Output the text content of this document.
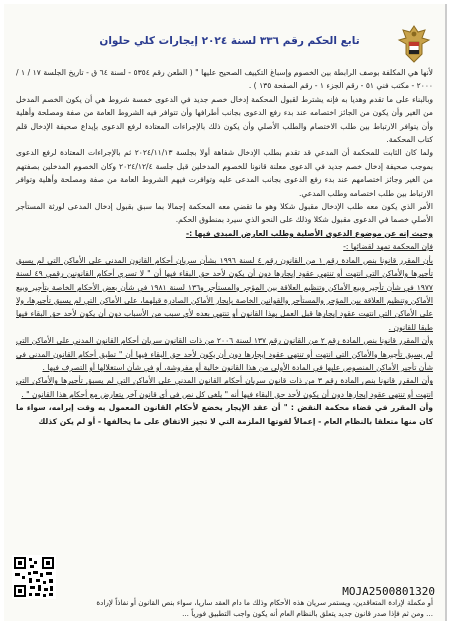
تابع الحكم رقم ٣٣٦ لسنة ٢٠٢٤ إيجارات كلي حلوان

لأنها هي المكلفة بوصف الرابطة بين الخصوم وإسباغ التكييف الصحيح عليها " ( الطعن رقم ٥٣٥٤ - لسنة ٦٤ ق - تاريخ الجلسة ١٧ / ١ / ٢٠٠٠ - مكتب فني ٥١ - رقم الجزء ١ - رقم الصفحة ١٣٥ ) .

وبالبناء على ما تقدم وهديا به فإنه يشترط لقبول المحكمة إدخال خصم جديد في الدعوى خمسة شروط هي أن يكون الخصم المدخل من الغير وأن يكون من الجائز اختصامه عند بدء رفع الدعوى بجانب أطرافها وأن تتوافر فيه الشروط العامة من صفة ومصلحة وأهلية وأن يتوافر الارتباط بين طلب الاختصام والطلب الأصلي وأن يكون ذلك بالإجراءات المعتادة لرفع الدعوى بإيداع صحيفة الإدخال قلم كتاب المحكمة.

ولما كان الثابت للمحكمة أن المدعي قد تقدم بطلب الإدخال شفاهة أولا بجلسة ٢٠٢٤/١١/١٣ ثم بالإجراءات المعتادة لرفع الدعوى بموجب صحيفة إدخال خصم جديد في الدعوى معلنة قانونا للخصوم المدخلين قبل جلسة ٢٠٢٤/١٢/٤ وكان الخصوم المدخلين بصفتهم من الغير وجائز اختصامهم عند بدء رفع الدعوى بجانب المدعى عليه وتوافرت فيهم الشروط العامة من صفة ومصلحة وأهلية وتوافر الارتباط بين طلب اختصامه وطلب المدعي.

الأمر الذي يكون معه طلب الإدخال مقبول شكلا وهو ما تقضي معه المحكمة إجمالا بما سبق بقبول إدخال المدعى لورثة المستأجر الأصلي خصما في الدعوى مقبول شكلا وذلك على النحو الذي سيرد بمنطوق الحكم.

وحيث إنه عن موضوع الدعوى الأصلية وطلب العارض المبدى فيها :-

فإن المحكمة تمهد لقضائها :-

بأن المقرر قانونا بنص المادة رقم ١ من القانون رقم ٤ لسنة ١٩٩٦ بشأن سريان أحكام القانون المدني على الأماكن التي لم يسبق تأجيرها والأماكن التي انتهت أو تنتهي عقود إيجارها دون أن يكون لأحد حق البقاء فيها أن " لا تسري أحكام القانونين رقمي ٤٩ لسنة ١٩٧٧ في شأن تأجير وبيع الأماكن وتنظيم العلاقة بين المؤجر والمستأجر و١٣٦ لسنة ١٩٨١ في شأن بعض الأحكام الخاصة بتأجير وبيع الأماكن وتنظيم العلاقة بين المؤجر والمستأجر والقوانين الخاصة بإيجار الأماكن الصادرة قبلهما، على الأماكن التي لم يسبق تأجيرها، ولا على الأماكن التي انتهت عقود إيجارها قبل العمل بهذا القانون أو تنتهي بعده لأي سبب من الأسباب دون أن يكون لأحد حق البقاء فيها طبقا للقانون .

وأن المقرر قانونا بنص المادة رقم ٢ من القانون رقم ١٣٧ لسنة ٢٠٠٦ من ذات القانون سريان أحكام القانون المدني على الأماكن التي لم يسبق تأجيرها والأماكن التي انتهت أو تنتهي عقود إيجارها دون أن يكون لأحد حق البقاء فيها أن " تطبق أحكام القانون المدني في شأن تأجير الأماكن المنصوص عليها في المادة الأولى من هذا القانون خالية أو مفروشة، أو في شأن استغلالها أو التصرف فيها .

وأن المقرر قانونا بنص المادة رقم ٣ من ذات قانون سريان أحكام القانون المدني على الأماكن التي لم يسبق تأجيرها والأماكن التي انتهت أو تنتهي عقود إيجارها دون أن يكون لأحد حق البقاء فيها أنه " يلغى كل نص في أي قانون آخر يتعارض مع أحكام هذا القانون " .

وأن المقرر في قضاء محكمة النقض : " أن عقد الإيجار يخضع لأحكام القانون المعمول به وقت إبرامه، سواء ما كان منها متعلقا بالنظام العام - إعمالاً لقوتها الملزمة التي لا تجيز الاتفاق على ما يخالفها - أو لم يكن كذلك

MOJA2500801320

أو مكملة لإرادة المتعاقدين، ويستمر سريان هذه الأحكام وذلك ما دام العقد ساريا، سواء بنص القانون أو نفاذاً لإرادة

... ومن ثم فإذا صدر قانون جديد يتعلق بالنظام العام أنه يكون واجب التطبيق فورياً ...
